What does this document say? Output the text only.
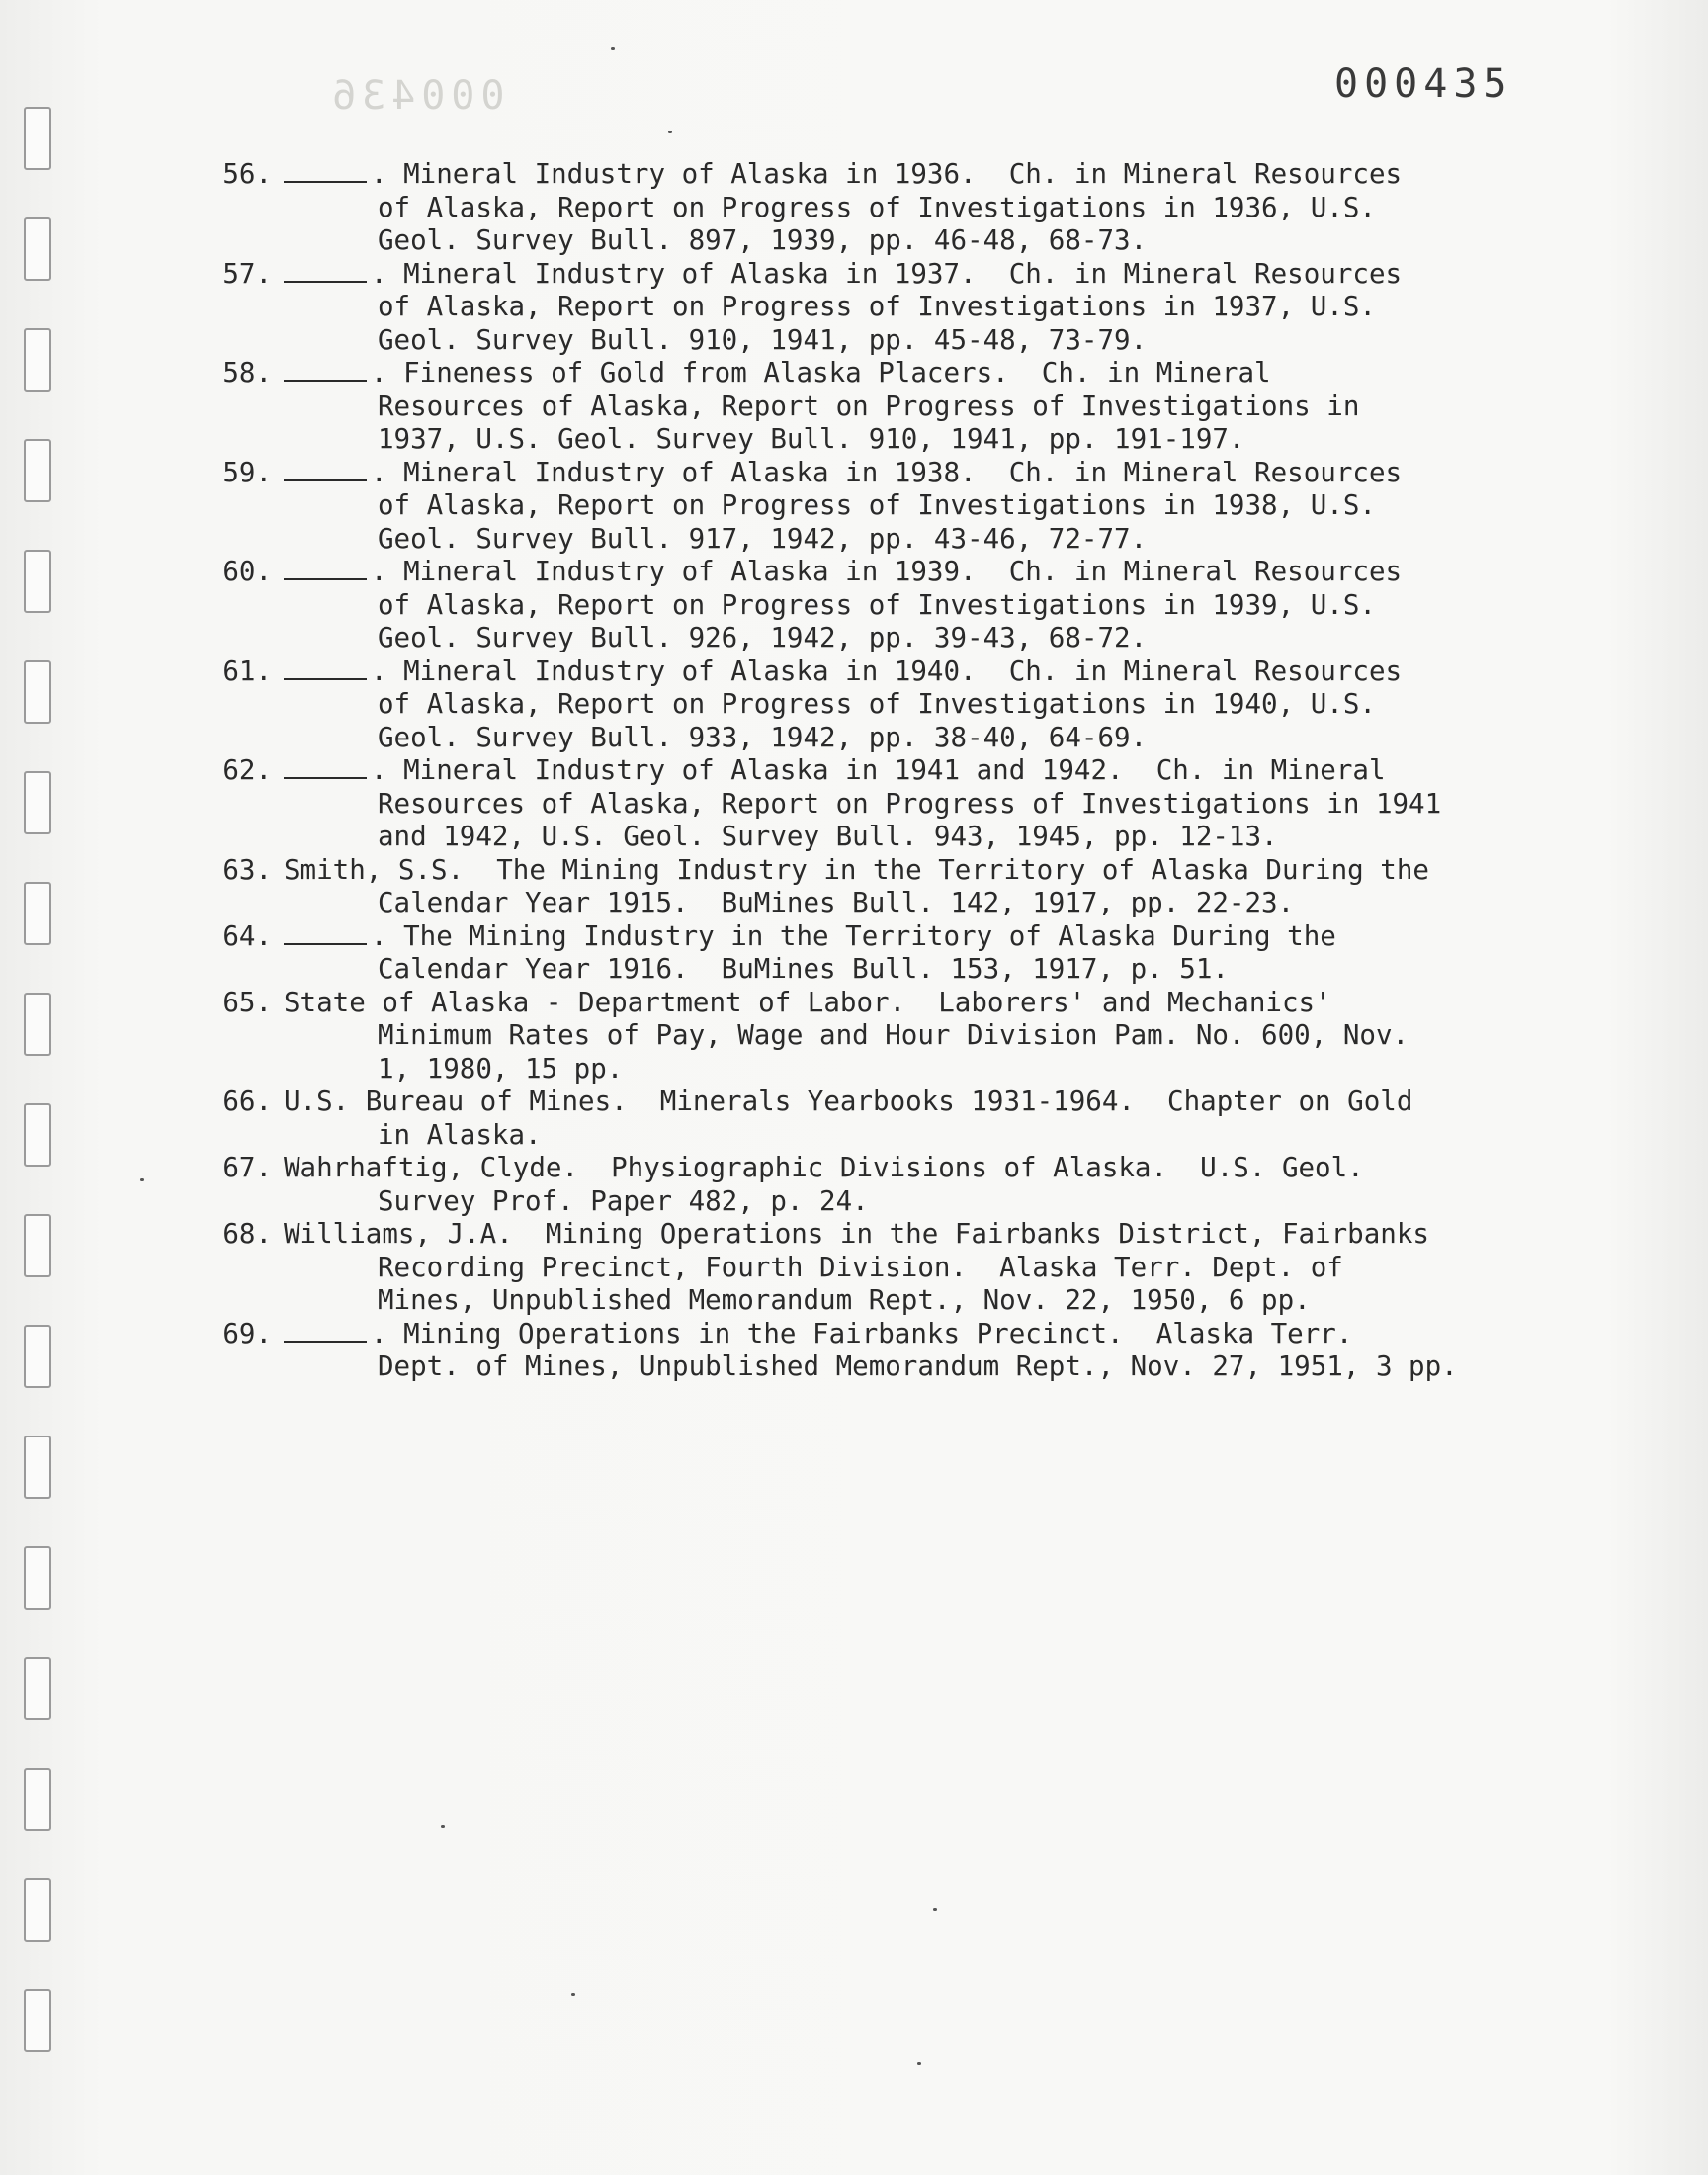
000436	000435
56.	. Mineral Industry of Alaska in 1936.  Ch. in Mineral Resources
of Alaska, Report on Progress of Investigations in 1936, U.S.
Geol. Survey Bull. 897, 1939, pp. 46-48, 68-73.
57.	. Mineral Industry of Alaska in 1937.  Ch. in Mineral Resources
of Alaska, Report on Progress of Investigations in 1937, U.S.
Geol. Survey Bull. 910, 1941, pp. 45-48, 73-79.
58.	. Fineness of Gold from Alaska Placers.  Ch. in Mineral
Resources of Alaska, Report on Progress of Investigations in
1937, U.S. Geol. Survey Bull. 910, 1941, pp. 191-197.
59.	. Mineral Industry of Alaska in 1938.  Ch. in Mineral Resources
of Alaska, Report on Progress of Investigations in 1938, U.S.
Geol. Survey Bull. 917, 1942, pp. 43-46, 72-77.
60.	. Mineral Industry of Alaska in 1939.  Ch. in Mineral Resources
of Alaska, Report on Progress of Investigations in 1939, U.S.
Geol. Survey Bull. 926, 1942, pp. 39-43, 68-72.
61.	. Mineral Industry of Alaska in 1940.  Ch. in Mineral Resources
of Alaska, Report on Progress of Investigations in 1940, U.S.
Geol. Survey Bull. 933, 1942, pp. 38-40, 64-69.
62.	. Mineral Industry of Alaska in 1941 and 1942.  Ch. in Mineral
Resources of Alaska, Report on Progress of Investigations in 1941
and 1942, U.S. Geol. Survey Bull. 943, 1945, pp. 12-13.
63. Smith, S.S.  The Mining Industry in the Territory of Alaska During the
Calendar Year 1915.  BuMines Bull. 142, 1917, pp. 22-23.
64.	. The Mining Industry in the Territory of Alaska During the
Calendar Year 1916.  BuMines Bull. 153, 1917, p. 51.
65. State of Alaska - Department of Labor.  Laborers' and Mechanics'
Minimum Rates of Pay, Wage and Hour Division Pam. No. 600, Nov.
1, 1980, 15 pp.
66. U.S. Bureau of Mines.  Minerals Yearbooks 1931-1964.  Chapter on Gold
in Alaska.
67. Wahrhaftig, Clyde.  Physiographic Divisions of Alaska.  U.S. Geol.
Survey Prof. Paper 482, p. 24.
68. Williams, J.A.  Mining Operations in the Fairbanks District, Fairbanks
Recording Precinct, Fourth Division.  Alaska Terr. Dept. of
Mines, Unpublished Memorandum Rept., Nov. 22, 1950, 6 pp.
69.	. Mining Operations in the Fairbanks Precinct.  Alaska Terr.
Dept. of Mines, Unpublished Memorandum Rept., Nov. 27, 1951, 3 pp.
